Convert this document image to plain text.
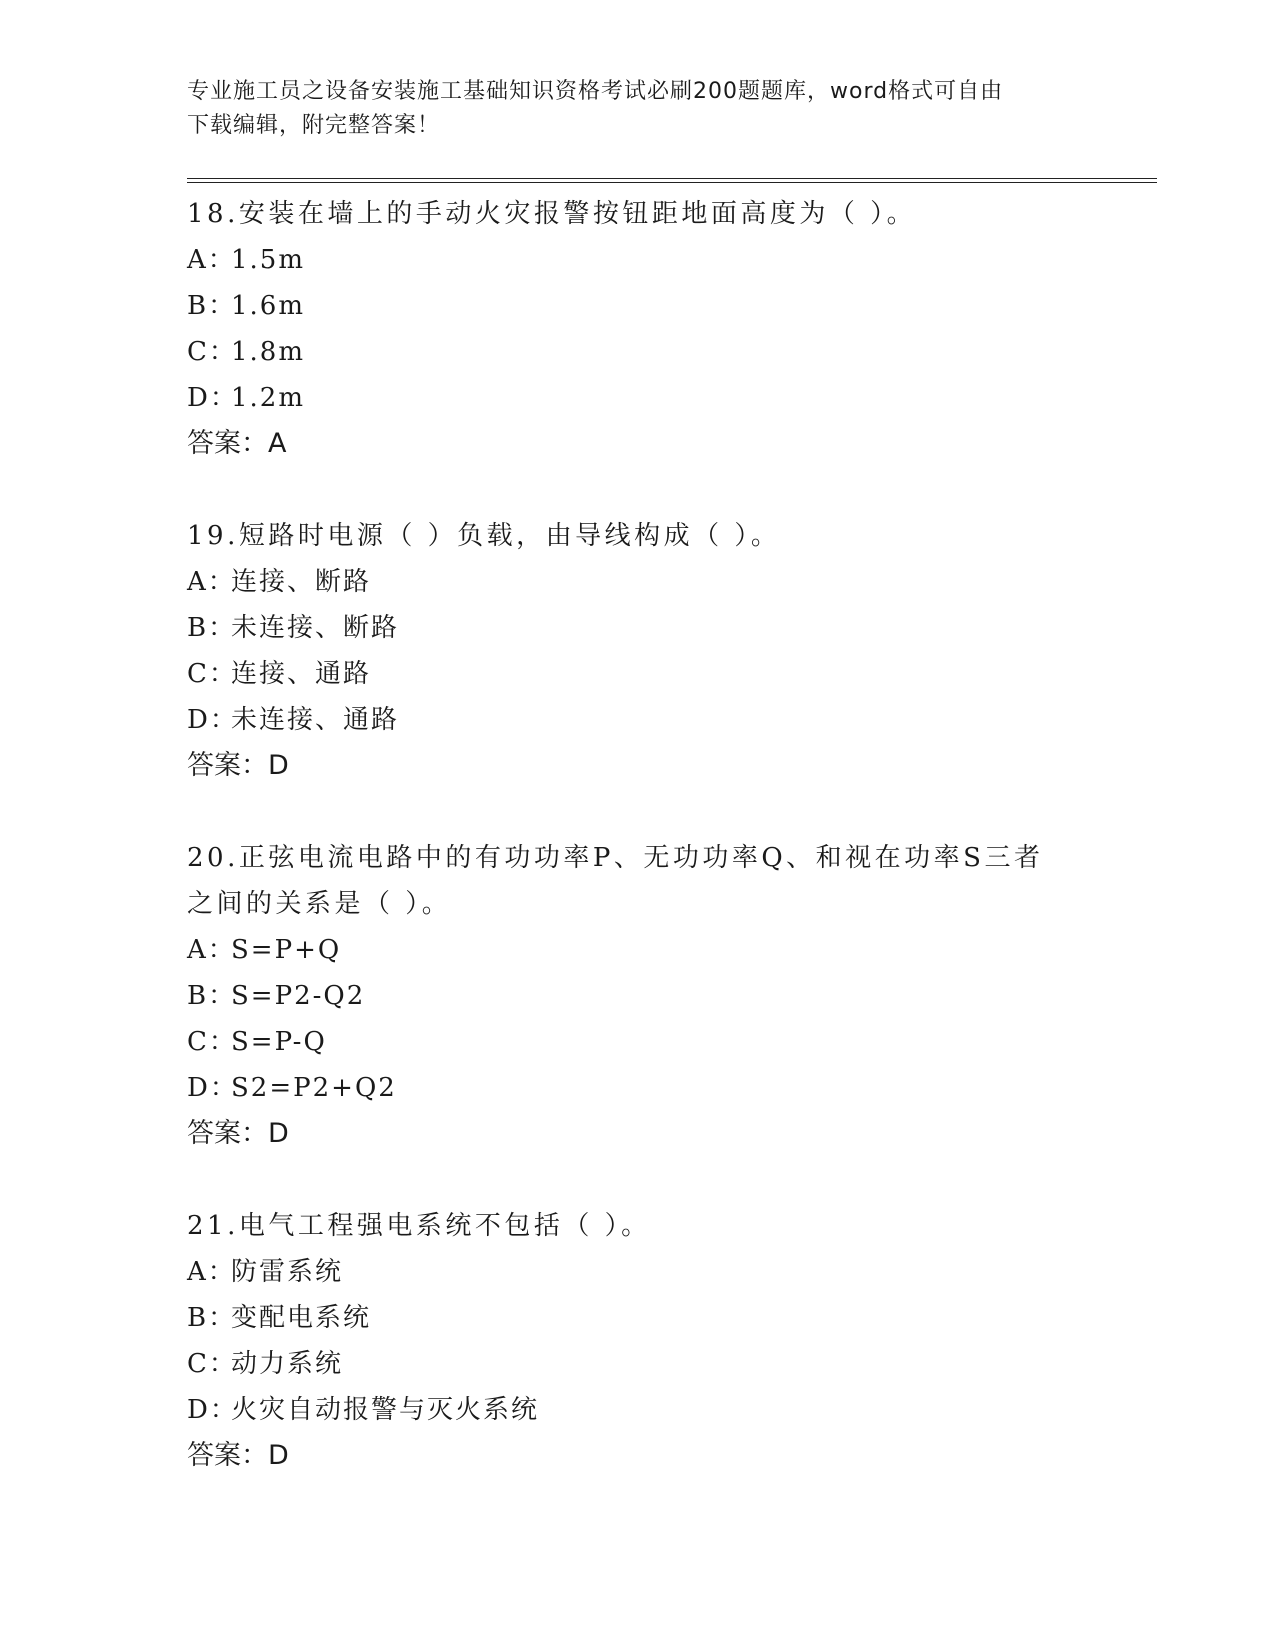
专业施工员之设备安装施工基础知识资格考试必刷200题题库，word格式可自由
下载编辑，附完整答案！
18.安装在墙上的手动火灾报警按钮距地面高度为（ ）。
A：1.5m
B：1.6m
C：1.8m
D：1.2m
答案：A
19.短路时电源（ ）负载，由导线构成（ ）。
A：连接、断路
B：未连接、断路
C：连接、通路
D：未连接、通路
答案：D
20.正弦电流电路中的有功功率P、无功功率Q、和视在功率S三者之间的关系是（ ）。
A：S=P+Q
B：S=P2-Q2
C：S=P-Q
D：S2=P2+Q2
答案：D
21.电气工程强电系统不包括（ ）。
A：防雷系统
B：变配电系统
C：动力系统
D：火灾自动报警与灭火系统
答案：D
